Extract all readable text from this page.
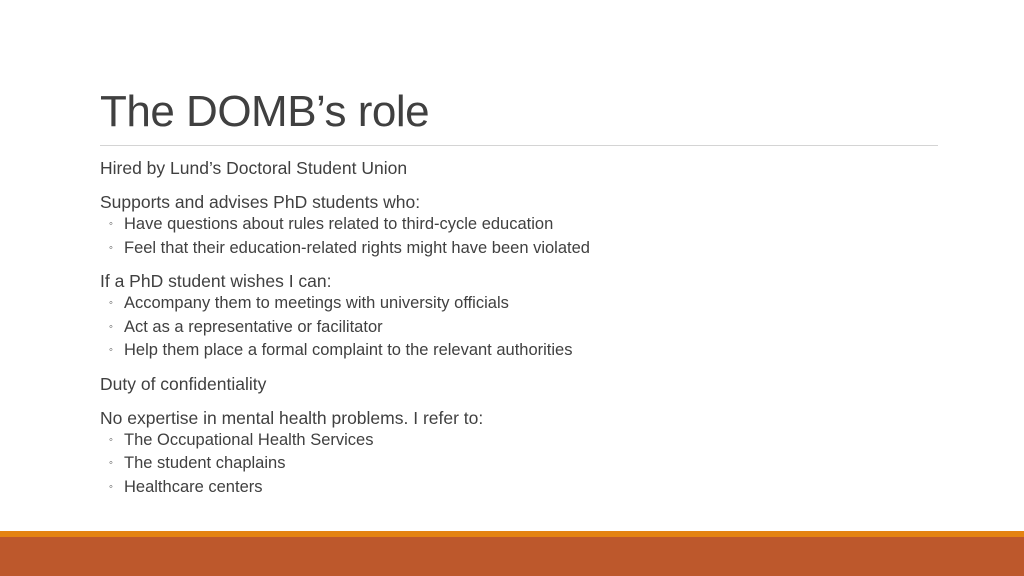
The DOMB’s role

Hired by Lund’s Doctoral Student Union

Supports and advises PhD students who:

◦ Have questions about rules related to third-cycle education
◦ Feel that their education-related rights might have been violated

If a PhD student wishes I can:

◦ Accompany them to meetings with university officials
◦ Act as a representative or facilitator
◦ Help them place a formal complaint to the relevant authorities

Duty of confidentiality

No expertise in mental health problems. I refer to:

◦ The Occupational Health Services
◦ The student chaplains
◦ Healthcare centers
